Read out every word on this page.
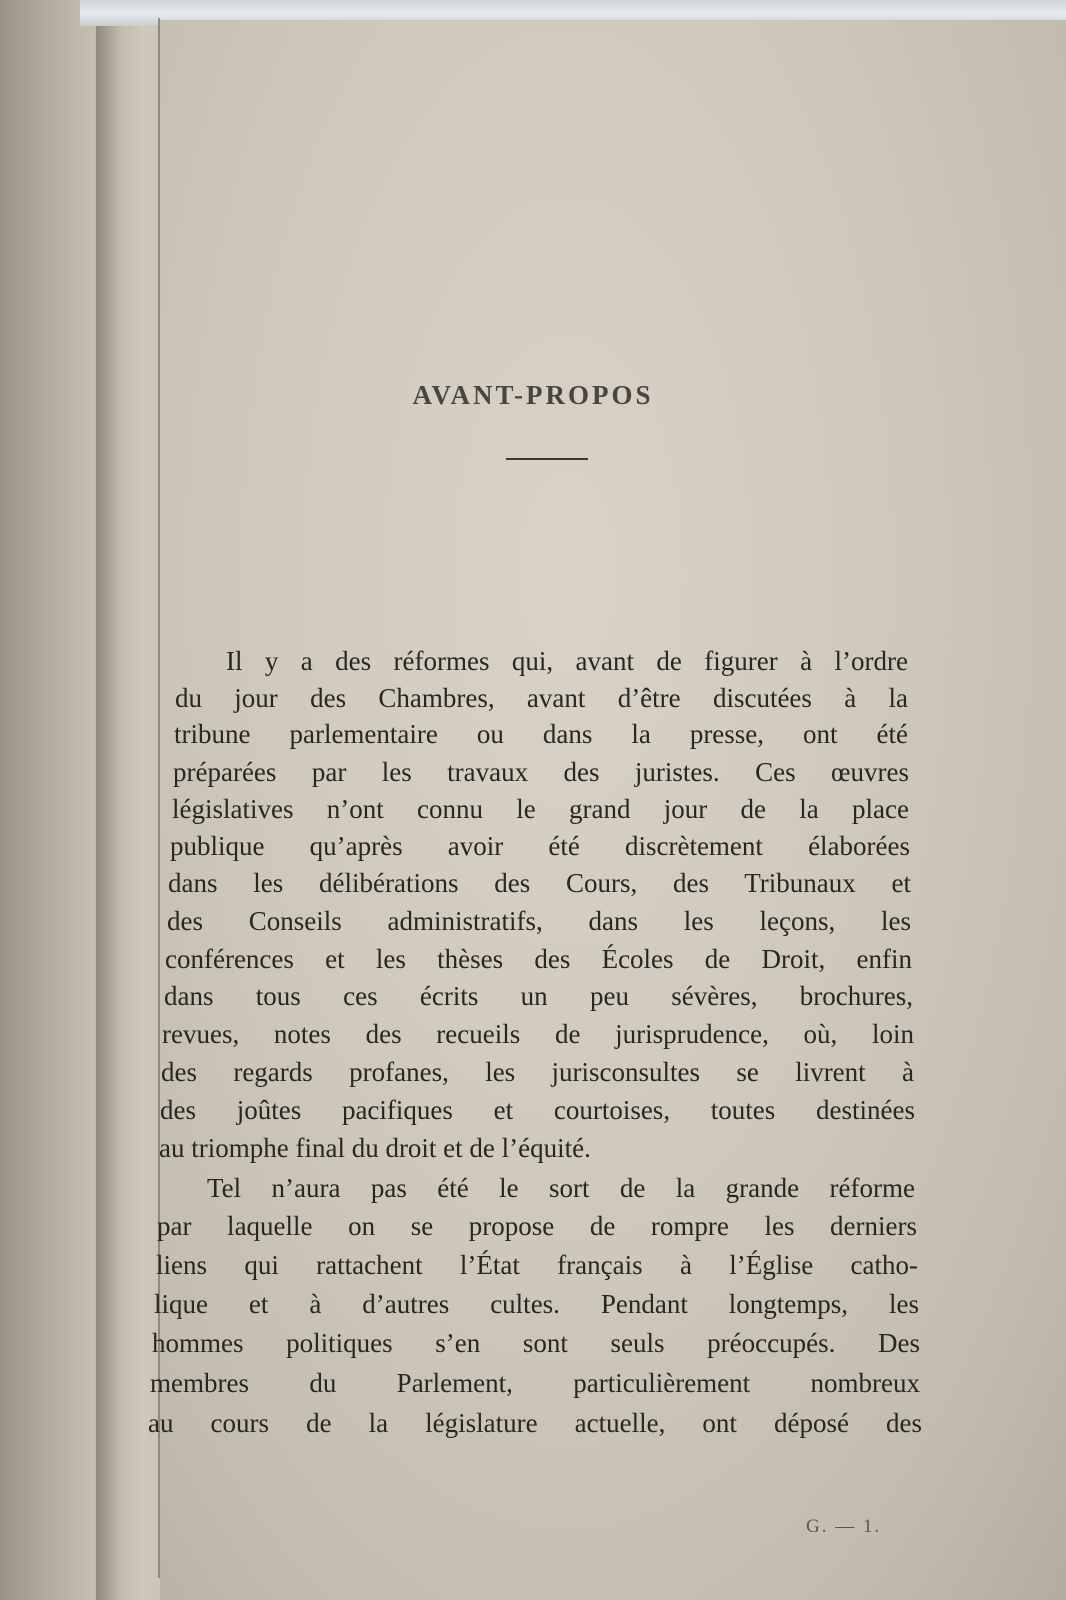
AVANT-PROPOS
Il y a des réformes qui, avant de figurer à l’ordre
du jour des Chambres, avant d’être discutées à la
tribune parlementaire ou dans la presse, ont été
préparées par les travaux des juristes. Ces œuvres
législatives n’ont connu le grand jour de la place
publique qu’après avoir été discrètement élaborées
dans les délibérations des Cours, des Tribunaux et
des Conseils administratifs, dans les leçons, les
conférences et les thèses des Écoles de Droit, enfin
dans tous ces écrits un peu sévères, brochures,
revues, notes des recueils de jurisprudence, où, loin
des regards profanes, les jurisconsultes se livrent à
des joûtes pacifiques et courtoises, toutes destinées
au triomphe final du droit et de l’équité.
Tel n’aura pas été le sort de la grande réforme
par laquelle on se propose de rompre les derniers
liens qui rattachent l’État français à l’Église catho-
lique et à d’autres cultes. Pendant longtemps, les
hommes politiques s’en sont seuls préoccupés. Des
membres du Parlement, particulièrement nombreux
au cours de la législature actuelle, ont déposé des
G. — 1.
